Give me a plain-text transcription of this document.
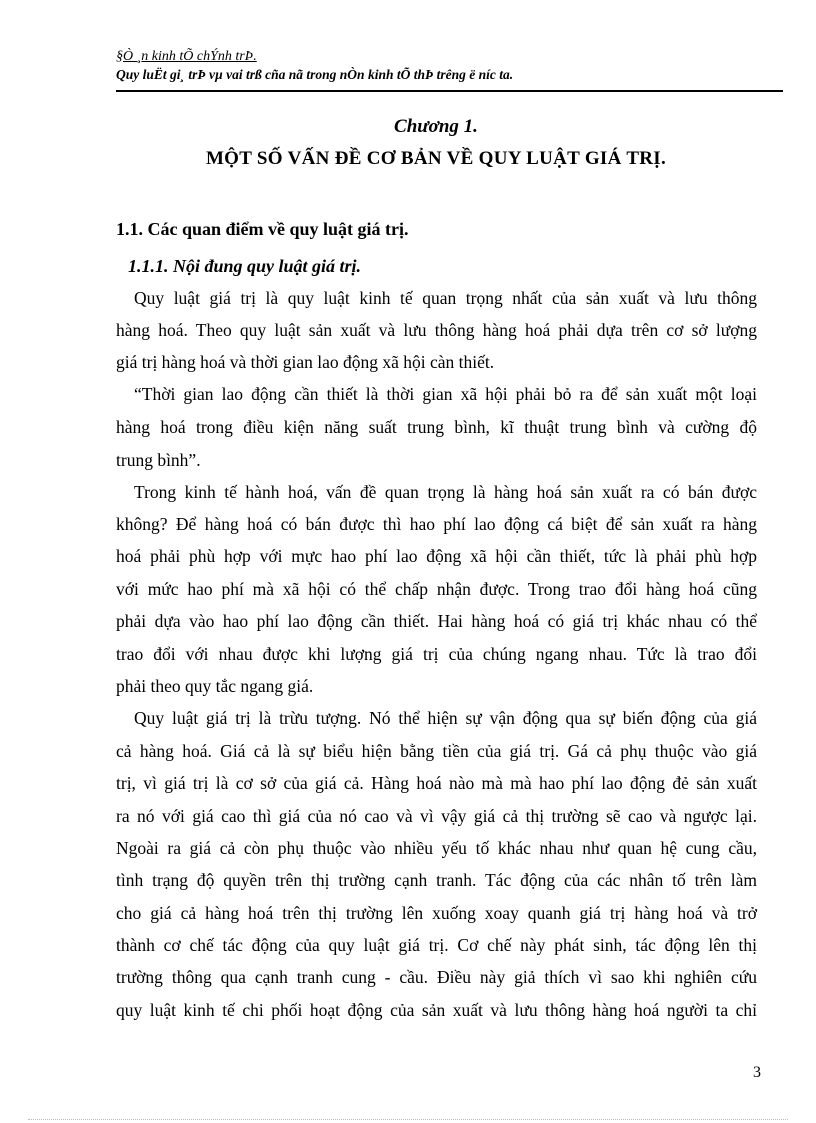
§Ò ¸n kinh tÕ chÝnh trÞ.
Quy luËt gi¸ trÞ vµ vai trß cña nã trong nÒn kinh tÕ thÞ trêng ë níc ta.
Chương 1.
MỘT SỐ VẤN ĐỀ CƠ BẢN VỀ QUY LUẬT GIÁ TRỊ.
1.1. Các quan điểm về quy luật giá trị.
1.1.1. Nội đung quy luật giá trị.
Quy luật giá trị là quy luật kinh tế quan trọng nhất của sản xuất và lưu thông
hàng hoá. Theo quy luật sản xuất và lưu thông hàng hoá phải dựa trên cơ sở lượng
giá trị hàng hoá và thời gian lao động xã hội càn thiết.
“Thời gian lao động cần thiết là thời gian xã hội phải bỏ ra để sản xuất một loại
hàng hoá trong điều kiện năng suất trung bình, kĩ thuật trung bình và cường độ
trung bình”.
Trong kinh tế hành hoá, vấn đề quan trọng là hàng hoá sản xuất ra có bán được
không? Để hàng hoá có bán được thì hao phí lao động cá biệt để sản xuất ra hàng
hoá phải phù hợp với mực hao phí lao động xã hội cần thiết, tức là phải phù hợp
với mức hao phí mà xã hội có thể chấp nhận được. Trong trao đổi hàng hoá cũng
phải dựa vào hao phí lao động cần thiết. Hai hàng hoá có giá trị khác nhau có thể
trao đổi với nhau được khi lượng giá trị của chúng ngang nhau. Tức là trao đổi
phải theo quy tắc ngang giá.
Quy luật giá trị là trừu tượng. Nó thể hiện sự vận động qua sự biến động của giá
cả hàng hoá. Giá cả là sự biểu hiện bằng tiền của giá trị. Gá cả phụ thuộc vào giá
trị, vì giá trị là cơ sở của giá cả. Hàng hoá nào mà mà hao phí lao động đẻ sản xuất
ra nó với giá cao thì giá của nó cao và vì vậy giá cả thị trường sẽ cao và ngược lại.
Ngoài ra giá cả còn phụ thuộc vào nhiều yếu tố khác nhau như quan hệ cung cầu,
tình trạng độ quyền trên thị trường cạnh tranh. Tác động của các nhân tố trên làm
cho giá cả hàng hoá trên thị trường lên xuống xoay quanh giá trị hàng hoá và trở
thành cơ chế tác động của quy luật giá trị. Cơ chế này phát sinh, tác động lên thị
trường thông qua cạnh tranh cung - cầu. Điều này giả thích vì sao khi nghiên cứu
quy luật kinh tế chi phối hoạt động của sản xuất và lưu thông hàng hoá người ta chỉ
3
